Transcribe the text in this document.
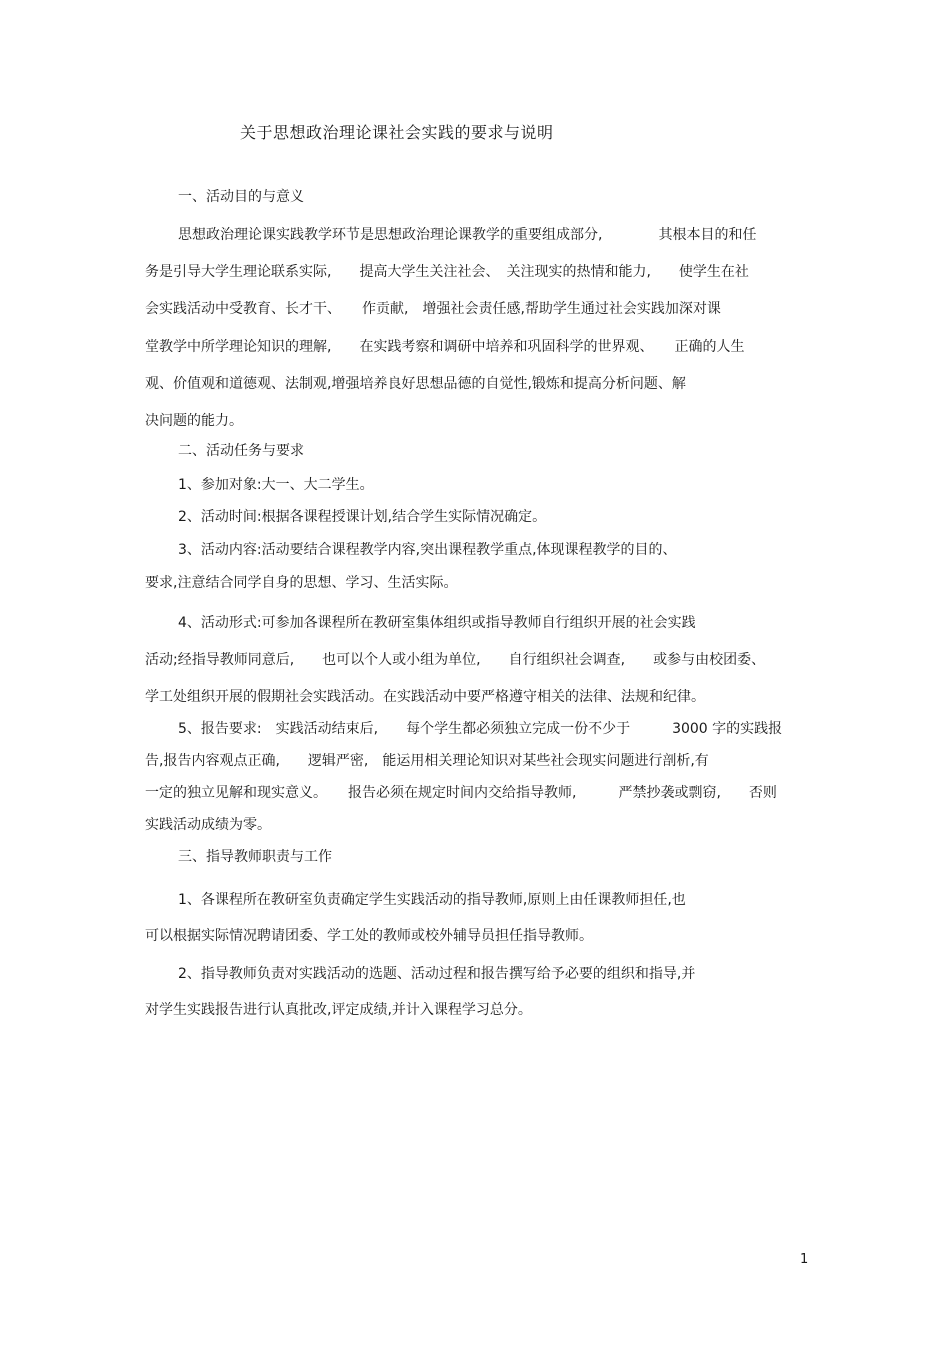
关于思想政治理论课社会实践的要求与说明
一、活动目的与意义
思想政治理论课实践教学环节是思想政治理论课教学的重要组成部分,　　　　其根本目的和任
务是引导大学生理论联系实际,　　提高大学生关注社会、　关注现实的热情和能力,　　使学生在社
会实践活动中受教育、长才干、　　作贡献,　增强社会责任感,帮助学生通过社会实践加深对课
堂教学中所学理论知识的理解,　　在实践考察和调研中培养和巩固科学的世界观、　　正确的人生
观、价值观和道德观、法制观,增强培养良好思想品德的自觉性,锻炼和提高分析问题、解
决问题的能力。
二、活动任务与要求
1、参加对象:大一、大二学生。
2、活动时间:根据各课程授课计划,结合学生实际情况确定。
3、活动内容:活动要结合课程教学内容,突出课程教学重点,体现课程教学的目的、
要求,注意结合同学自身的思想、学习、生活实际。
4、活动形式:可参加各课程所在教研室集体组织或指导教师自行组织开展的社会实践
活动;经指导教师同意后,　　也可以个人或小组为单位,　　自行组织社会调查,　　或参与由校团委、
学工处组织开展的假期社会实践活动。在实践活动中要严格遵守相关的法律、法规和纪律。
5、报告要求:　实践活动结束后,　　每个学生都必须独立完成一份不少于　　　3000 字的实践报
告,报告内容观点正确,　　逻辑严密,　能运用相关理论知识对某些社会现实问题进行剖析,有
一定的独立见解和现实意义。　　报告必须在规定时间内交给指导教师,　　　严禁抄袭或剽窃,　　否则
实践活动成绩为零。
三、指导教师职责与工作
1、各课程所在教研室负责确定学生实践活动的指导教师,原则上由任课教师担任,也
可以根据实际情况聘请团委、学工处的教师或校外辅导员担任指导教师。
2、指导教师负责对实践活动的选题、活动过程和报告撰写给予必要的组织和指导,并
对学生实践报告进行认真批改,评定成绩,并计入课程学习总分。
1
